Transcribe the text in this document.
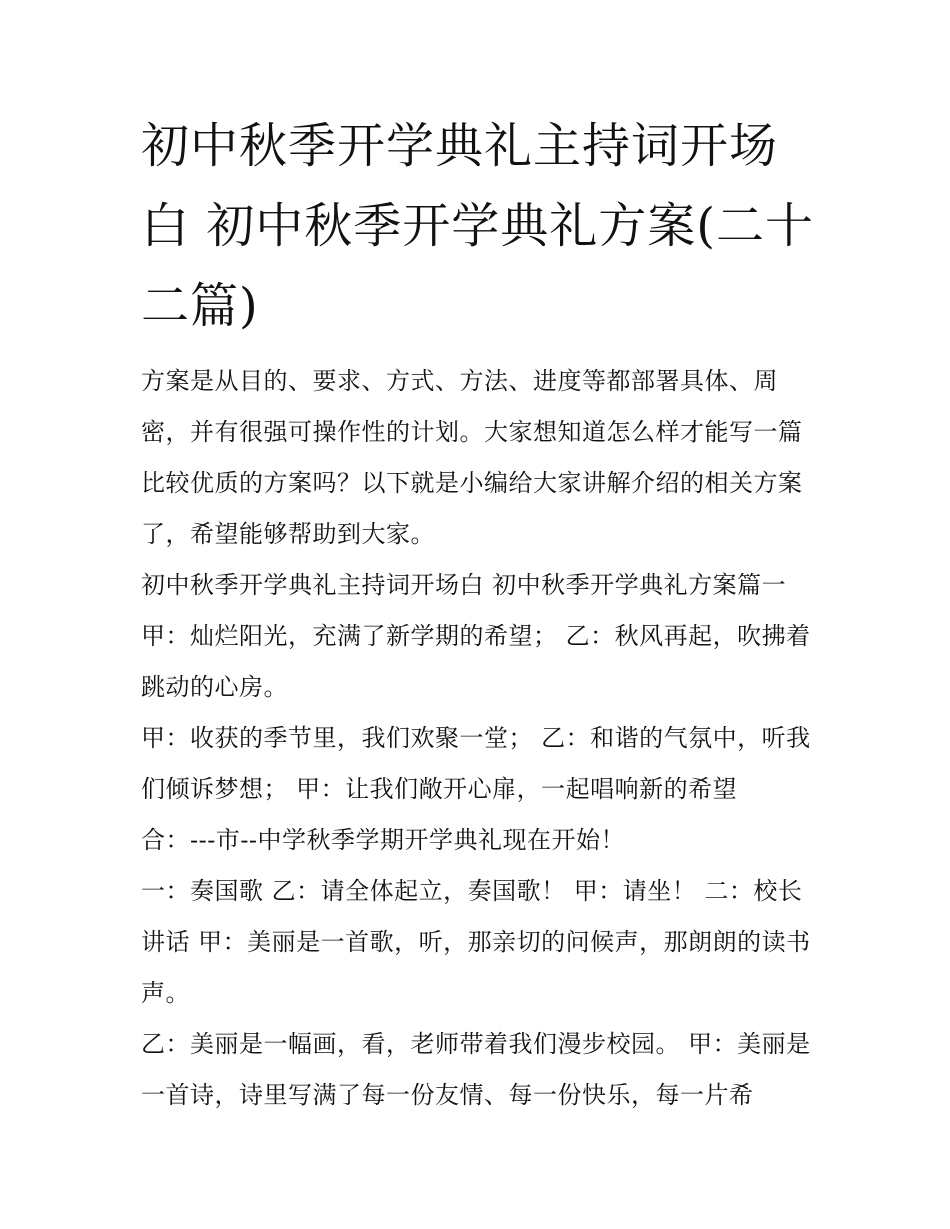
初中秋季开学典礼主持词开场白 初中秋季开学典礼方案(二十二篇)

方案是从目的、要求、方式、方法、进度等都部署具体、周密，并有很强可操作性的计划。大家想知道怎么样才能写一篇比较优质的方案吗？以下就是小编给大家讲解介绍的相关方案了，希望能够帮助到大家。

初中秋季开学典礼主持词开场白 初中秋季开学典礼方案篇一

甲：灿烂阳光，充满了新学期的希望； 乙：秋风再起，吹拂着跳动的心房。

甲：收获的季节里，我们欢聚一堂； 乙：和谐的气氛中，听我们倾诉梦想； 甲：让我们敞开心扉，一起唱响新的希望

合：---市--中学秋季学期开学典礼现在开始！

一：奏国歌 乙：请全体起立，奏国歌！ 甲：请坐！ 二：校长讲话 甲：美丽是一首歌，听，那亲切的问候声，那朗朗的读书声。

乙：美丽是一幅画，看，老师带着我们漫步校园。 甲：美丽是一首诗，诗里写满了每一份友情、每一份快乐，每一片希
